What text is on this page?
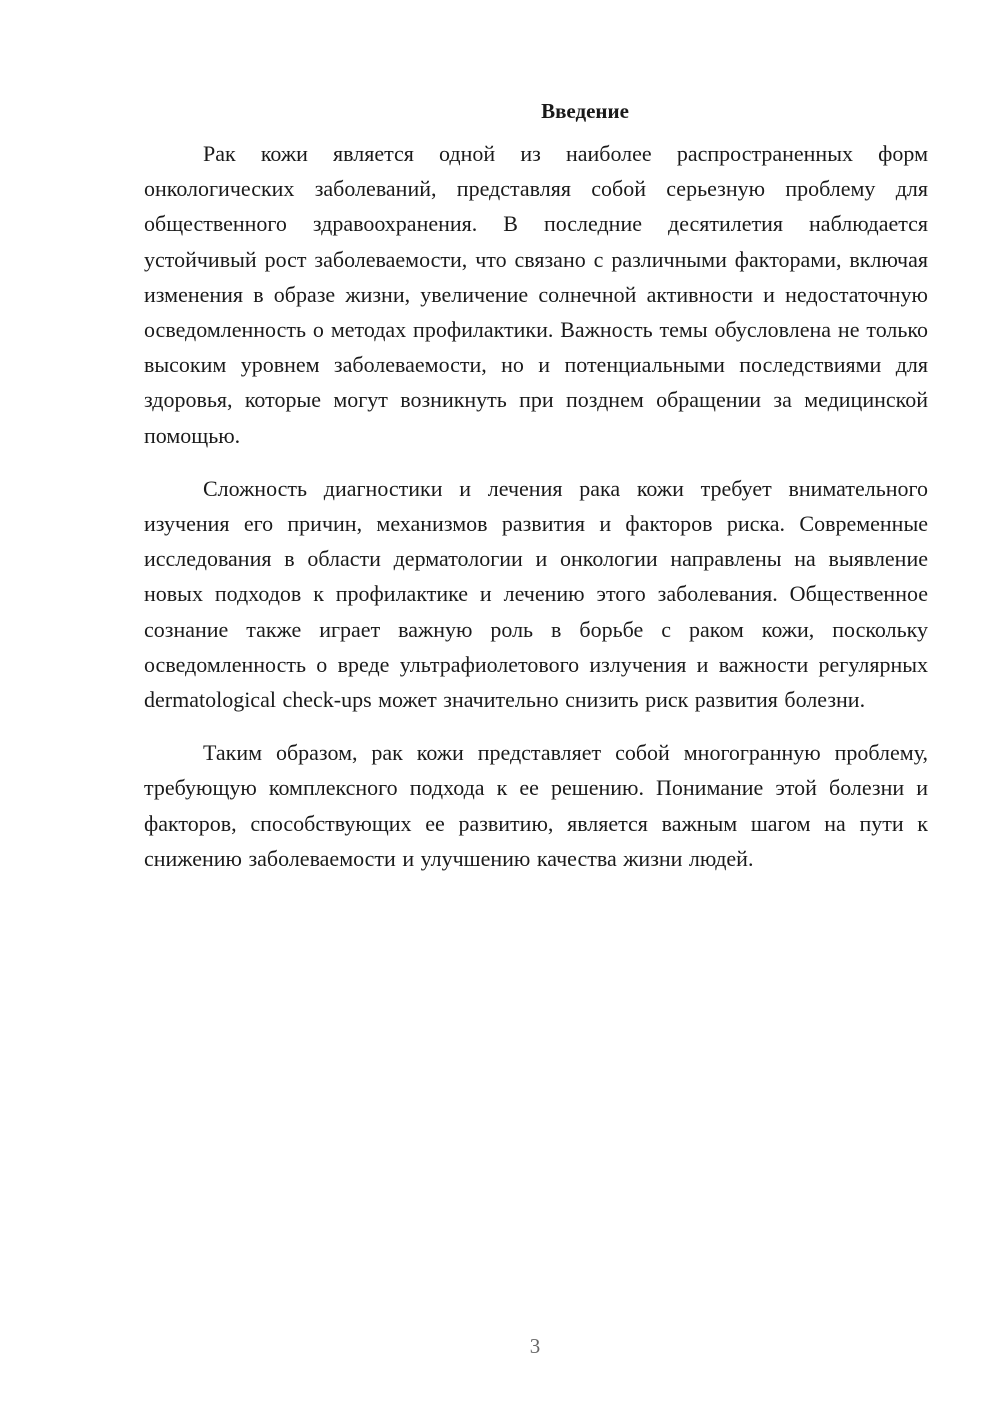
Введение

Рак кожи является одной из наиболее распространенных форм онкологических заболеваний, представляя собой серьезную проблему для общественного здравоохранения. В последние десятилетия наблюдается устойчивый рост заболеваемости, что связано с различными факторами, включая изменения в образе жизни, увеличение солнечной активности и недостаточную осведомленность о методах профилактики. Важность темы обусловлена не только высоким уровнем заболеваемости, но и потенциальными последствиями для здоровья, которые могут возникнуть при позднем обращении за медицинской помощью.

Сложность диагностики и лечения рака кожи требует внимательного изучения его причин, механизмов развития и факторов риска. Современные исследования в области дерматологии и онкологии направлены на выявление новых подходов к профилактике и лечению этого заболевания. Общественное сознание также играет важную роль в борьбе с раком кожи, поскольку осведомленность о вреде ультрафиолетового излучения и важности регулярных dermatological check-ups может значительно снизить риск развития болезни.

Таким образом, рак кожи представляет собой многогранную проблему, требующую комплексного подхода к ее решению. Понимание этой болезни и факторов, способствующих ее развитию, является важным шагом на пути к снижению заболеваемости и улучшению качества жизни людей.

3
